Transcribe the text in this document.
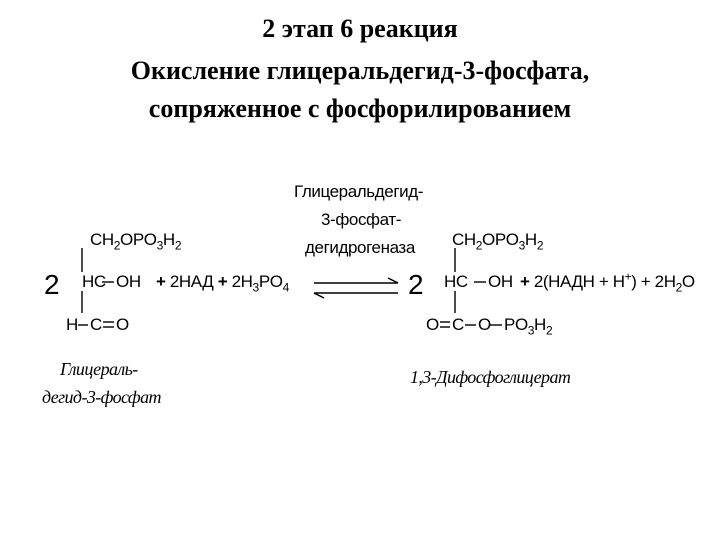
2 этап 6 реакция
Окисление глицеральдегид-3-фосфата,
сопряженное с фосфорилированием
Глицеральдегид-
3-фосфат-
дегидрогеназа
2
$CH_2OPO_3H_2$
HC OH
H C O
+ $2НАД + 2H_3PO_4$
Глицераль-
дегид-3-фосфат
2
$CH_2OPO_3H_2$
HC OH
O C O $PO_3H_2$
+ 2(НАДН + $Н^+) + 2H_2O$
1,3-Дифосфоглицерат
